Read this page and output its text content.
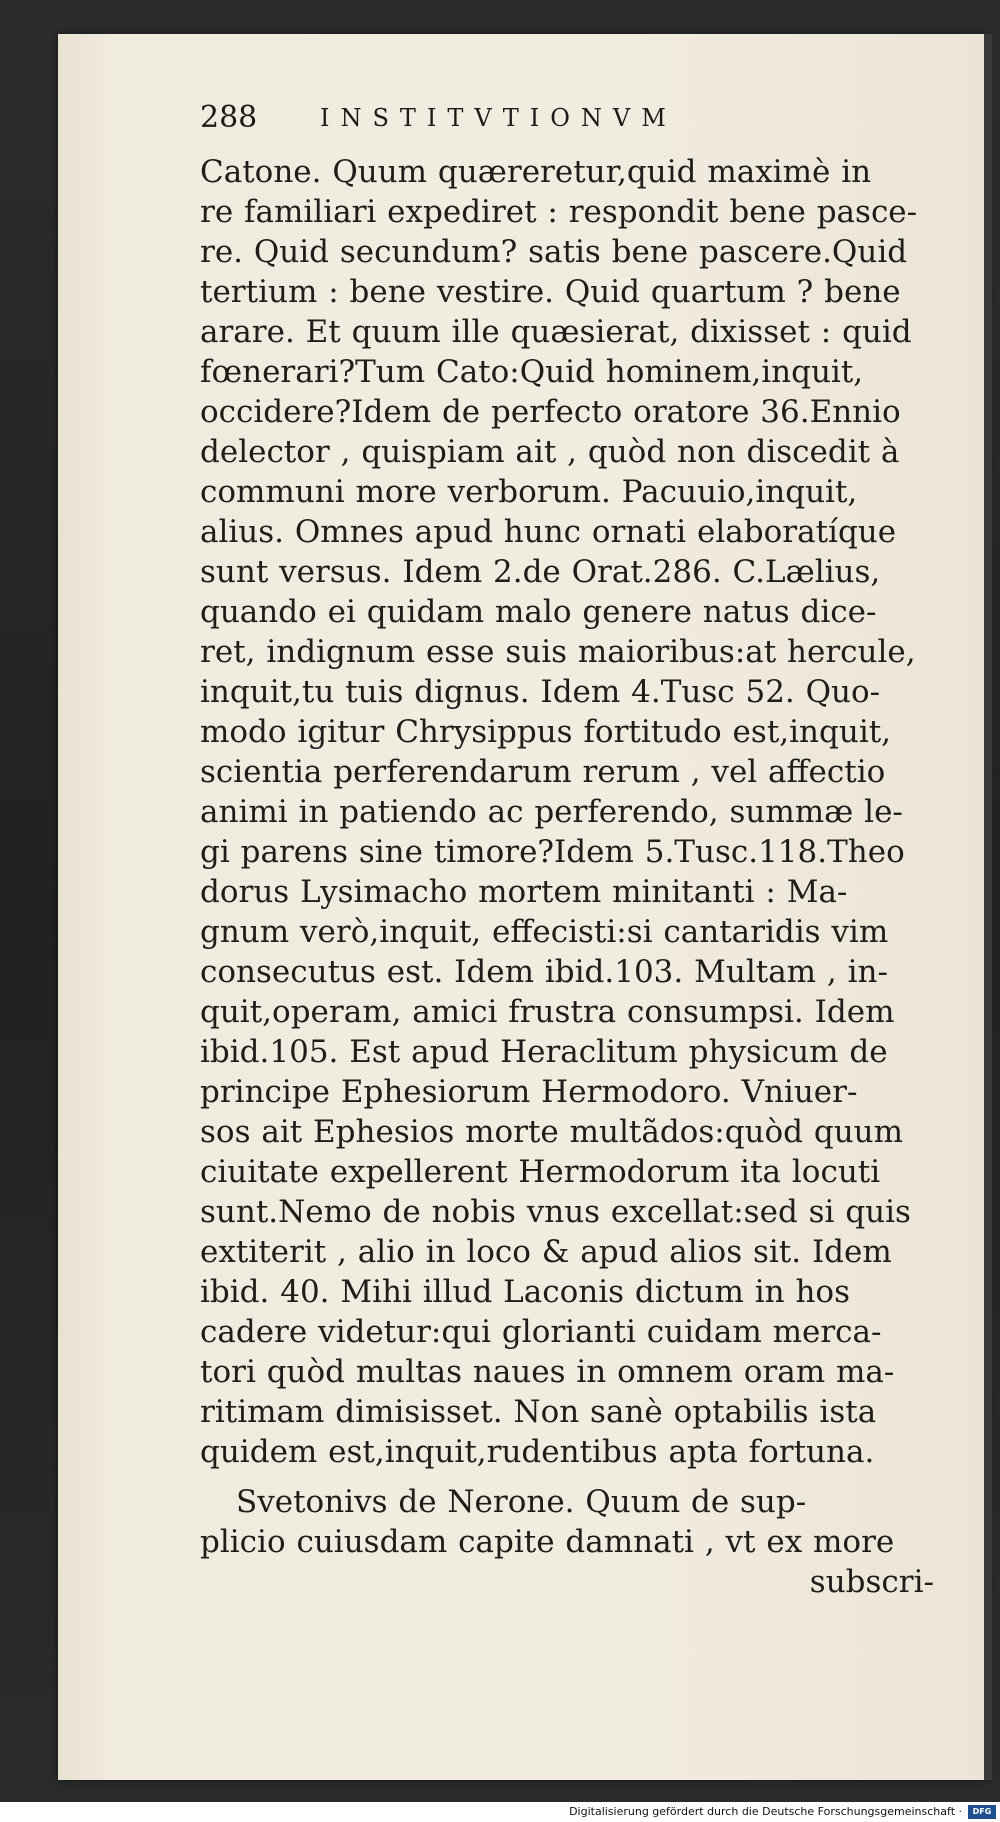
288	INSTITVTIONVM
Catone. Quum quæreretur,quid maximè in
re familiari expediret : respondit bene pasce-
re. Quid secundum? satis bene pascere.Quid
tertium : bene vestire. Quid quartum ? bene
arare. Et quum ille quæsierat, dixisset : quid
fœnerari?Tum Cato:Quid hominem,inquit,
occidere?Idem de perfecto oratore 36.Ennio
delector , quispiam ait , quòd non discedit à
communi more verborum. Pacuuio,inquit,
alius. Omnes apud hunc ornati elaboratíque
sunt versus. Idem 2.de Orat.286. C.Lælius,
quando ei quidam malo genere natus dice-
ret, indignum esse suis maioribus:at hercule,
inquit,tu tuis dignus. Idem 4.Tusc 52. Quo-
modo igitur Chrysippus fortitudo est,inquit,
scientia perferendarum rerum , vel affectio
animi in patiendo ac perferendo, summæ le-
gi parens sine timore?Idem 5.Tusc.118.Theo
dorus Lysimacho mortem minitanti : Ma-
gnum verò,inquit, effecisti:si cantaridis vim
consecutus est. Idem ibid.103. Multam , in-
quit,operam, amici frustra consumpsi. Idem
ibid.105. Est apud Heraclitum physicum de
principe Ephesiorum Hermodoro. Vniuer-
sos ait Ephesios morte multãdos:quòd quum
ciuitate expellerent Hermodorum ita locuti
sunt.Nemo de nobis vnus excellat:sed si quis
extiterit , alio in loco & apud alios sit. Idem
ibid. 40. Mihi illud Laconis dictum in hos
cadere videtur:qui glorianti cuidam merca-
tori quòd multas naues in omnem oram ma-
ritimam dimisisset. Non sanè optabilis ista
quidem est,inquit,rudentibus apta fortuna.
Svetonivs de Nerone. Quum de sup-
plicio cuiusdam capite damnati , vt ex more
subscri-
Digitalisierung gefördert durch die Deutsche Forschungsgemeinschaft ·	DFG
